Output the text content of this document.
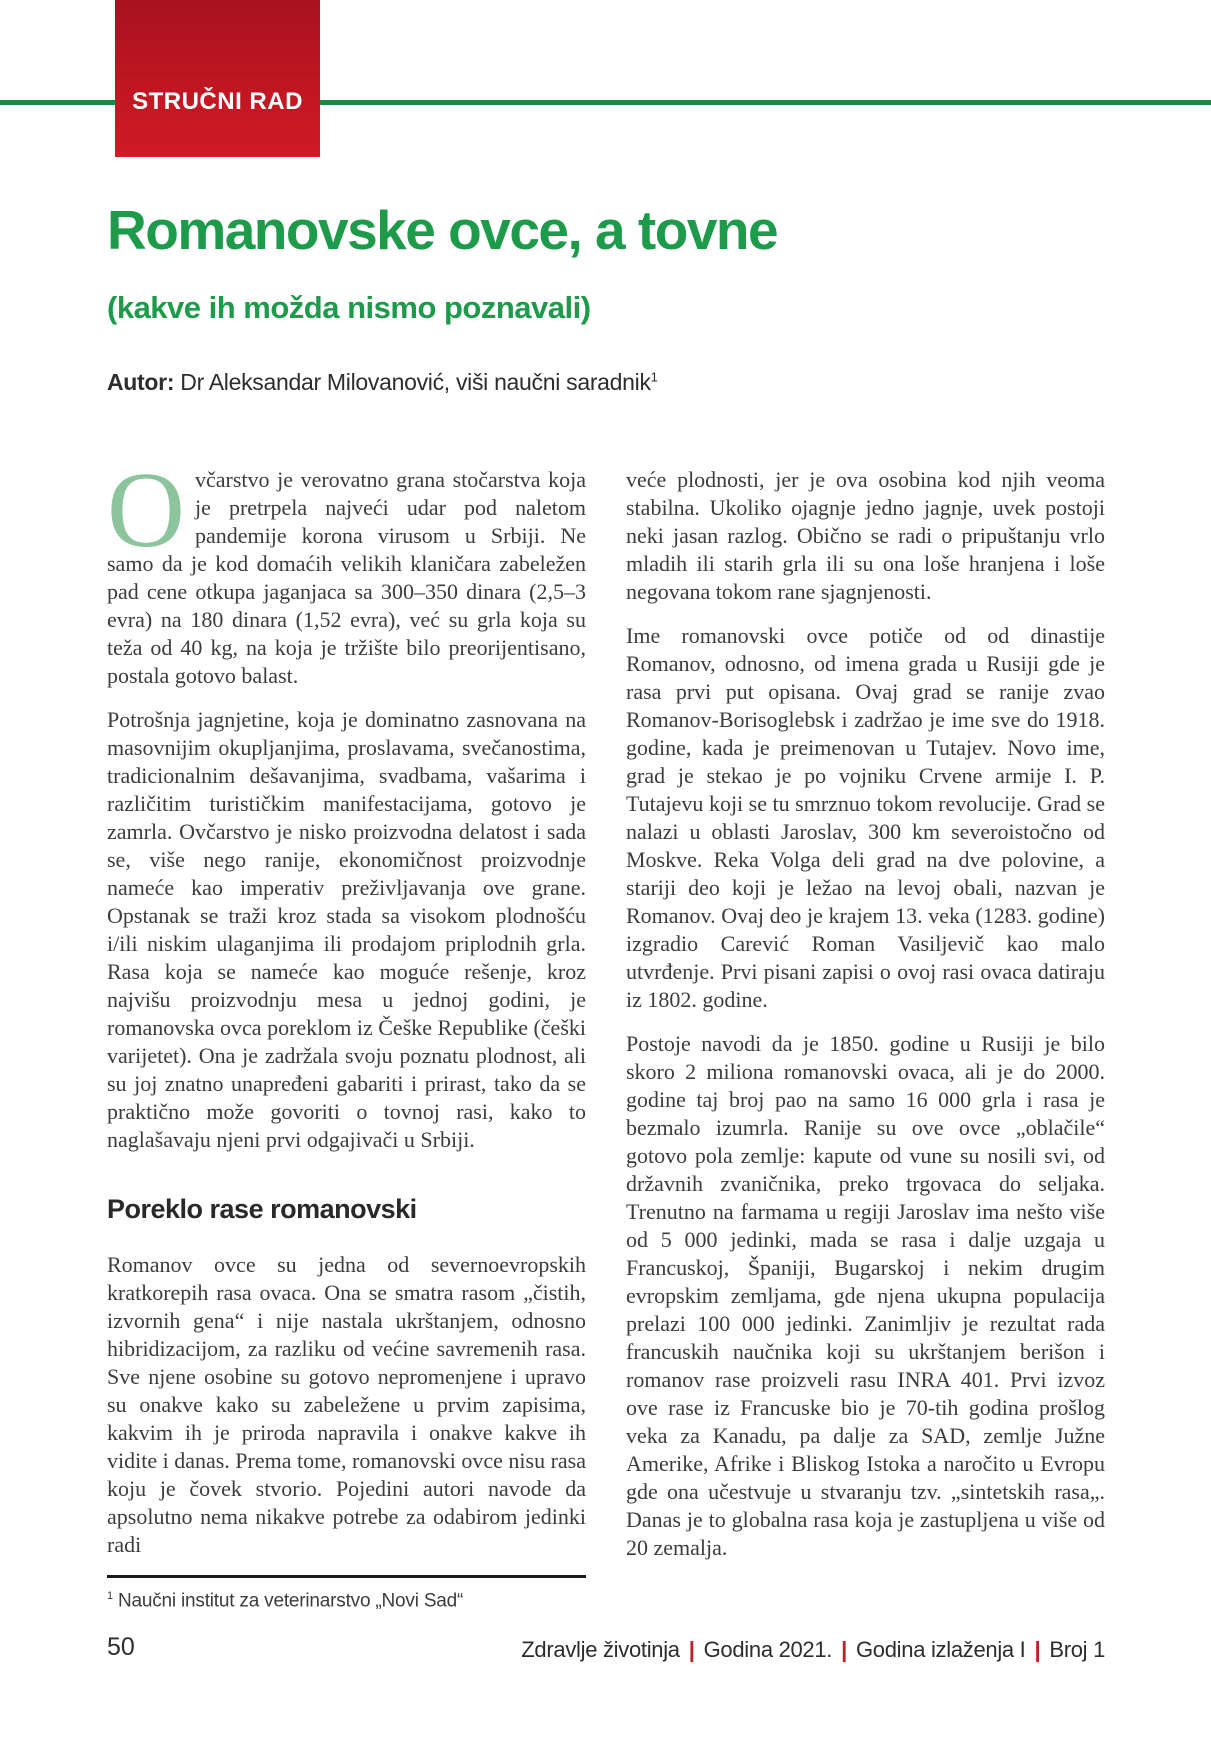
STRUČNI RAD
Romanovske ovce, a tovne
(kakve ih možda nismo poznavali)
Autor: Dr Aleksandar Milovanović, viši naučni saradnik$^1$

Ovčarstvo je verovatno grana stočarstva koja je pretrpela najveći udar pod naletom pandemije korona virusom u Srbiji. Ne samo da je kod domaćih velikih klaničara zabeležen pad cene otkupa jaganjaca sa 300–350 dinara (2,5–3 evra) na 180 dinara (1,52 evra), već su grla koja su teža od 40 kg, na koja je tržište bilo preorijentisano, postala gotovo balast.

Potrošnja jagnjetine, koja je dominatno zasnovana na masovnijim okupljanjima, proslavama, svečanostima, tradicionalnim dešavanjima, svadbama, vašarima i različitim turističkim manifestacijama, gotovo je zamrla. Ovčarstvo je nisko proizvodna delatost i sada se, više nego ranije, ekonomičnost proizvodnje nameće kao imperativ preživljavanja ove grane. Opstanak se traži kroz stada sa visokom plodnošću i/ili niskim ulaganjima ili prodajom priplodnih grla. Rasa koja se nameće kao moguće rešenje, kroz najvišu proizvodnju mesa u jednoj godini, je romanovska ovca poreklom iz Češke Republike (češki varijetet). Ona je zadržala svoju poznatu plodnost, ali su joj znatno unapređeni gabariti i prirast, tako da se praktično može govoriti o tovnoj rasi, kako to naglašavaju njeni prvi odgajivači u Srbiji.

Poreklo rase romanovski

Romanov ovce su jedna od severnoevropskih kratkorepih rasa ovaca. Ona se smatra rasom „čistih, izvornih gena“ i nije nastala ukrštanjem, odnosno hibridizacijom, za razliku od većine savremenih rasa. Sve njene osobine su gotovo nepromenjene i upravo su onakve kako su zabeležene u prvim zapisima, kakvim ih je priroda napravila i onakve kakve ih vidite i danas. Prema tome, romanovski ovce nisu rasa koju je čovek stvorio. Pojedini autori navode da apsolutno nema nikakve potrebe za odabirom jedinki radi

$^1$ Naučni institut za veterinarstvo „Novi Sad“

veće plodnosti, jer je ova osobina kod njih veoma stabilna. Ukoliko ojagnje jedno jagnje, uvek postoji neki jasan razlog. Obično se radi o pripuštanju vrlo mladih ili starih grla ili su ona loše hranjena i loše negovana tokom rane sjagnjenosti.

Ime romanovski ovce potiče od od dinastije Romanov, odnosno, od imena grada u Rusiji gde je rasa prvi put opisana. Ovaj grad se ranije zvao Romanov-Borisoglebsk i zadržao je ime sve do 1918. godine, kada je preimenovan u Tutajev. Novo ime, grad je stekao je po vojniku Crvene armije I. P. Tutajevu koji se tu smrznuo tokom revolucije. Grad se nalazi u oblasti Jaroslav, 300 km severoistočno od Moskve. Reka Volga deli grad na dve polovine, a stariji deo koji je ležao na levoj obali, nazvan je Romanov. Ovaj deo je krajem 13. veka (1283. godine) izgradio Carević Roman Vasiljevič kao malo utvrđenje. Prvi pisani zapisi o ovoj rasi ovaca datiraju iz 1802. godine.

Postoje navodi da je 1850. godine u Rusiji je bilo skoro 2 miliona romanovski ovaca, ali je do 2000. godine taj broj pao na samo 16 000 grla i rasa je bezmalo izumrla. Ranije su ove ovce „oblačile“ gotovo pola zemlje: kapute od vune su nosili svi, od državnih zvaničnika, preko trgovaca do seljaka. Trenutno na farmama u regiji Jaroslav ima nešto više od 5 000 jedinki, mada se rasa i dalje uzgaja u Francuskoj, Španiji, Bugarskoj i nekim drugim evropskim zemljama, gde njena ukupna populacija prelazi 100 000 jedinki. Zanimljiv je rezultat rada francuskih naučnika koji su ukrštanjem berišon i romanov rase proizveli rasu INRA 401. Prvi izvoz ove rase iz Francuske bio je 70-tih godina prošlog veka za Kanadu, pa dalje za SAD, zemlje Južne Amerike, Afrike i Bliskog Istoka a naročito u Evropu gde ona učestvuje u stvaranju tzv. „sintetskih rasa„. Danas je to globalna rasa koja je zastupljena u više od 20 zemalja.

50	Zdravlje životinja | Godina 2021. | Godina izlaženja I | Broj 1
